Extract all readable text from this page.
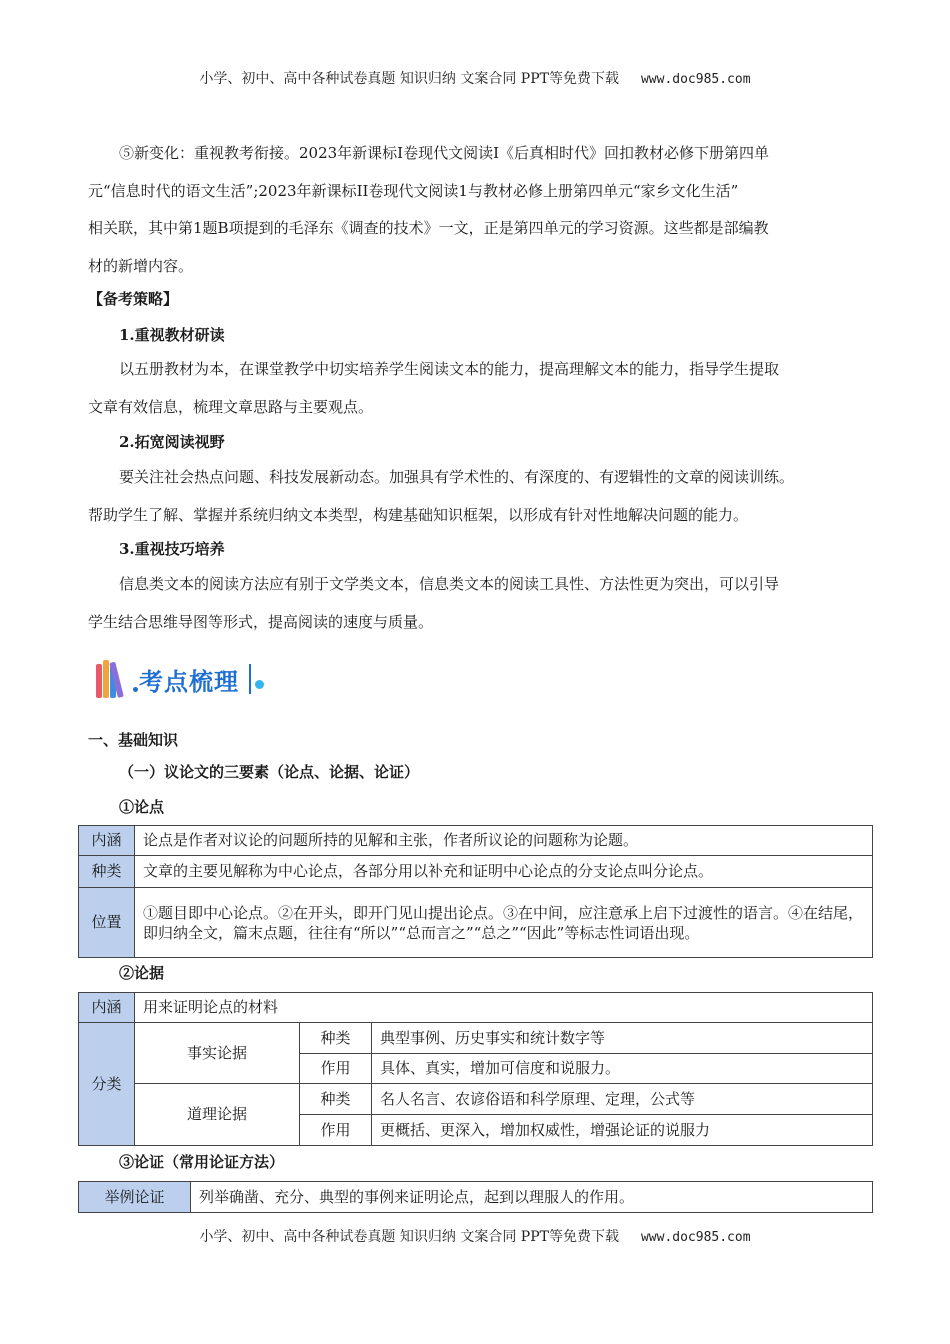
小学、初中、高中各种试卷真题 知识归纳 文案合同 PPT等免费下载 www.doc985.com
⑤新变化：重视教考衔接。2023年新课标I卷现代文阅读I《后真相时代》回扣教材必修下册第四单
元“信息时代的语文生活”;2023年新课标II卷现代文阅读1与教材必修上册第四单元“家乡文化生活”
相关联，其中第1题B项提到的毛泽东《调查的技术》一文，正是第四单元的学习资源。这些都是部编教
材的新增内容。
【备考策略】
1.重视教材研读
以五册教材为本，在课堂教学中切实培养学生阅读文本的能力，提高理解文本的能力，指导学生提取
文章有效信息，梳理文章思路与主要观点。
2.拓宽阅读视野
要关注社会热点问题、科技发展新动态。加强具有学术性的、有深度的、有逻辑性的文章的阅读训练。
帮助学生了解、掌握并系统归纳文本类型，构建基础知识框架，以形成有针对性地解决问题的能力。
3.重视技巧培养
信息类文本的阅读方法应有别于文学类文本，信息类文本的阅读工具性、方法性更为突出，可以引导
学生结合思维导图等形式，提高阅读的速度与质量。
考点梳理
一、基础知识
（一）议论文的三要素（论点、论据、论证）
①论点
内涵	论点是作者对议论的问题所持的见解和主张，作者所议论的问题称为论题。
种类	文章的主要见解称为中心论点，各部分用以补充和证明中心论点的分支论点叫分论点。
位置	①题目即中心论点。②在开头，即开门见山提出论点。③在中间，应注意承上启下过渡性的语言。④在结尾，即归纳全文，篇末点题，往往有“所以”“总而言之”“总之”“因此”等标志性词语出现。
②论据
内涵	用来证明论点的材料		
分类	事实论据	种类	典型事例、历史事实和统计数字等
		作用	具体、真实，增加可信度和说服力。
	道理论据	种类	名人名言、农谚俗语和科学原理、定理，公式等
		作用	更概括、更深入，增加权威性，增强论证的说服力
③论证（常用论证方法）
举例论证	列举确凿、充分、典型的事例来证明论点，起到以理服人的作用。
小学、初中、高中各种试卷真题 知识归纳 文案合同 PPT等免费下载 www.doc985.com
